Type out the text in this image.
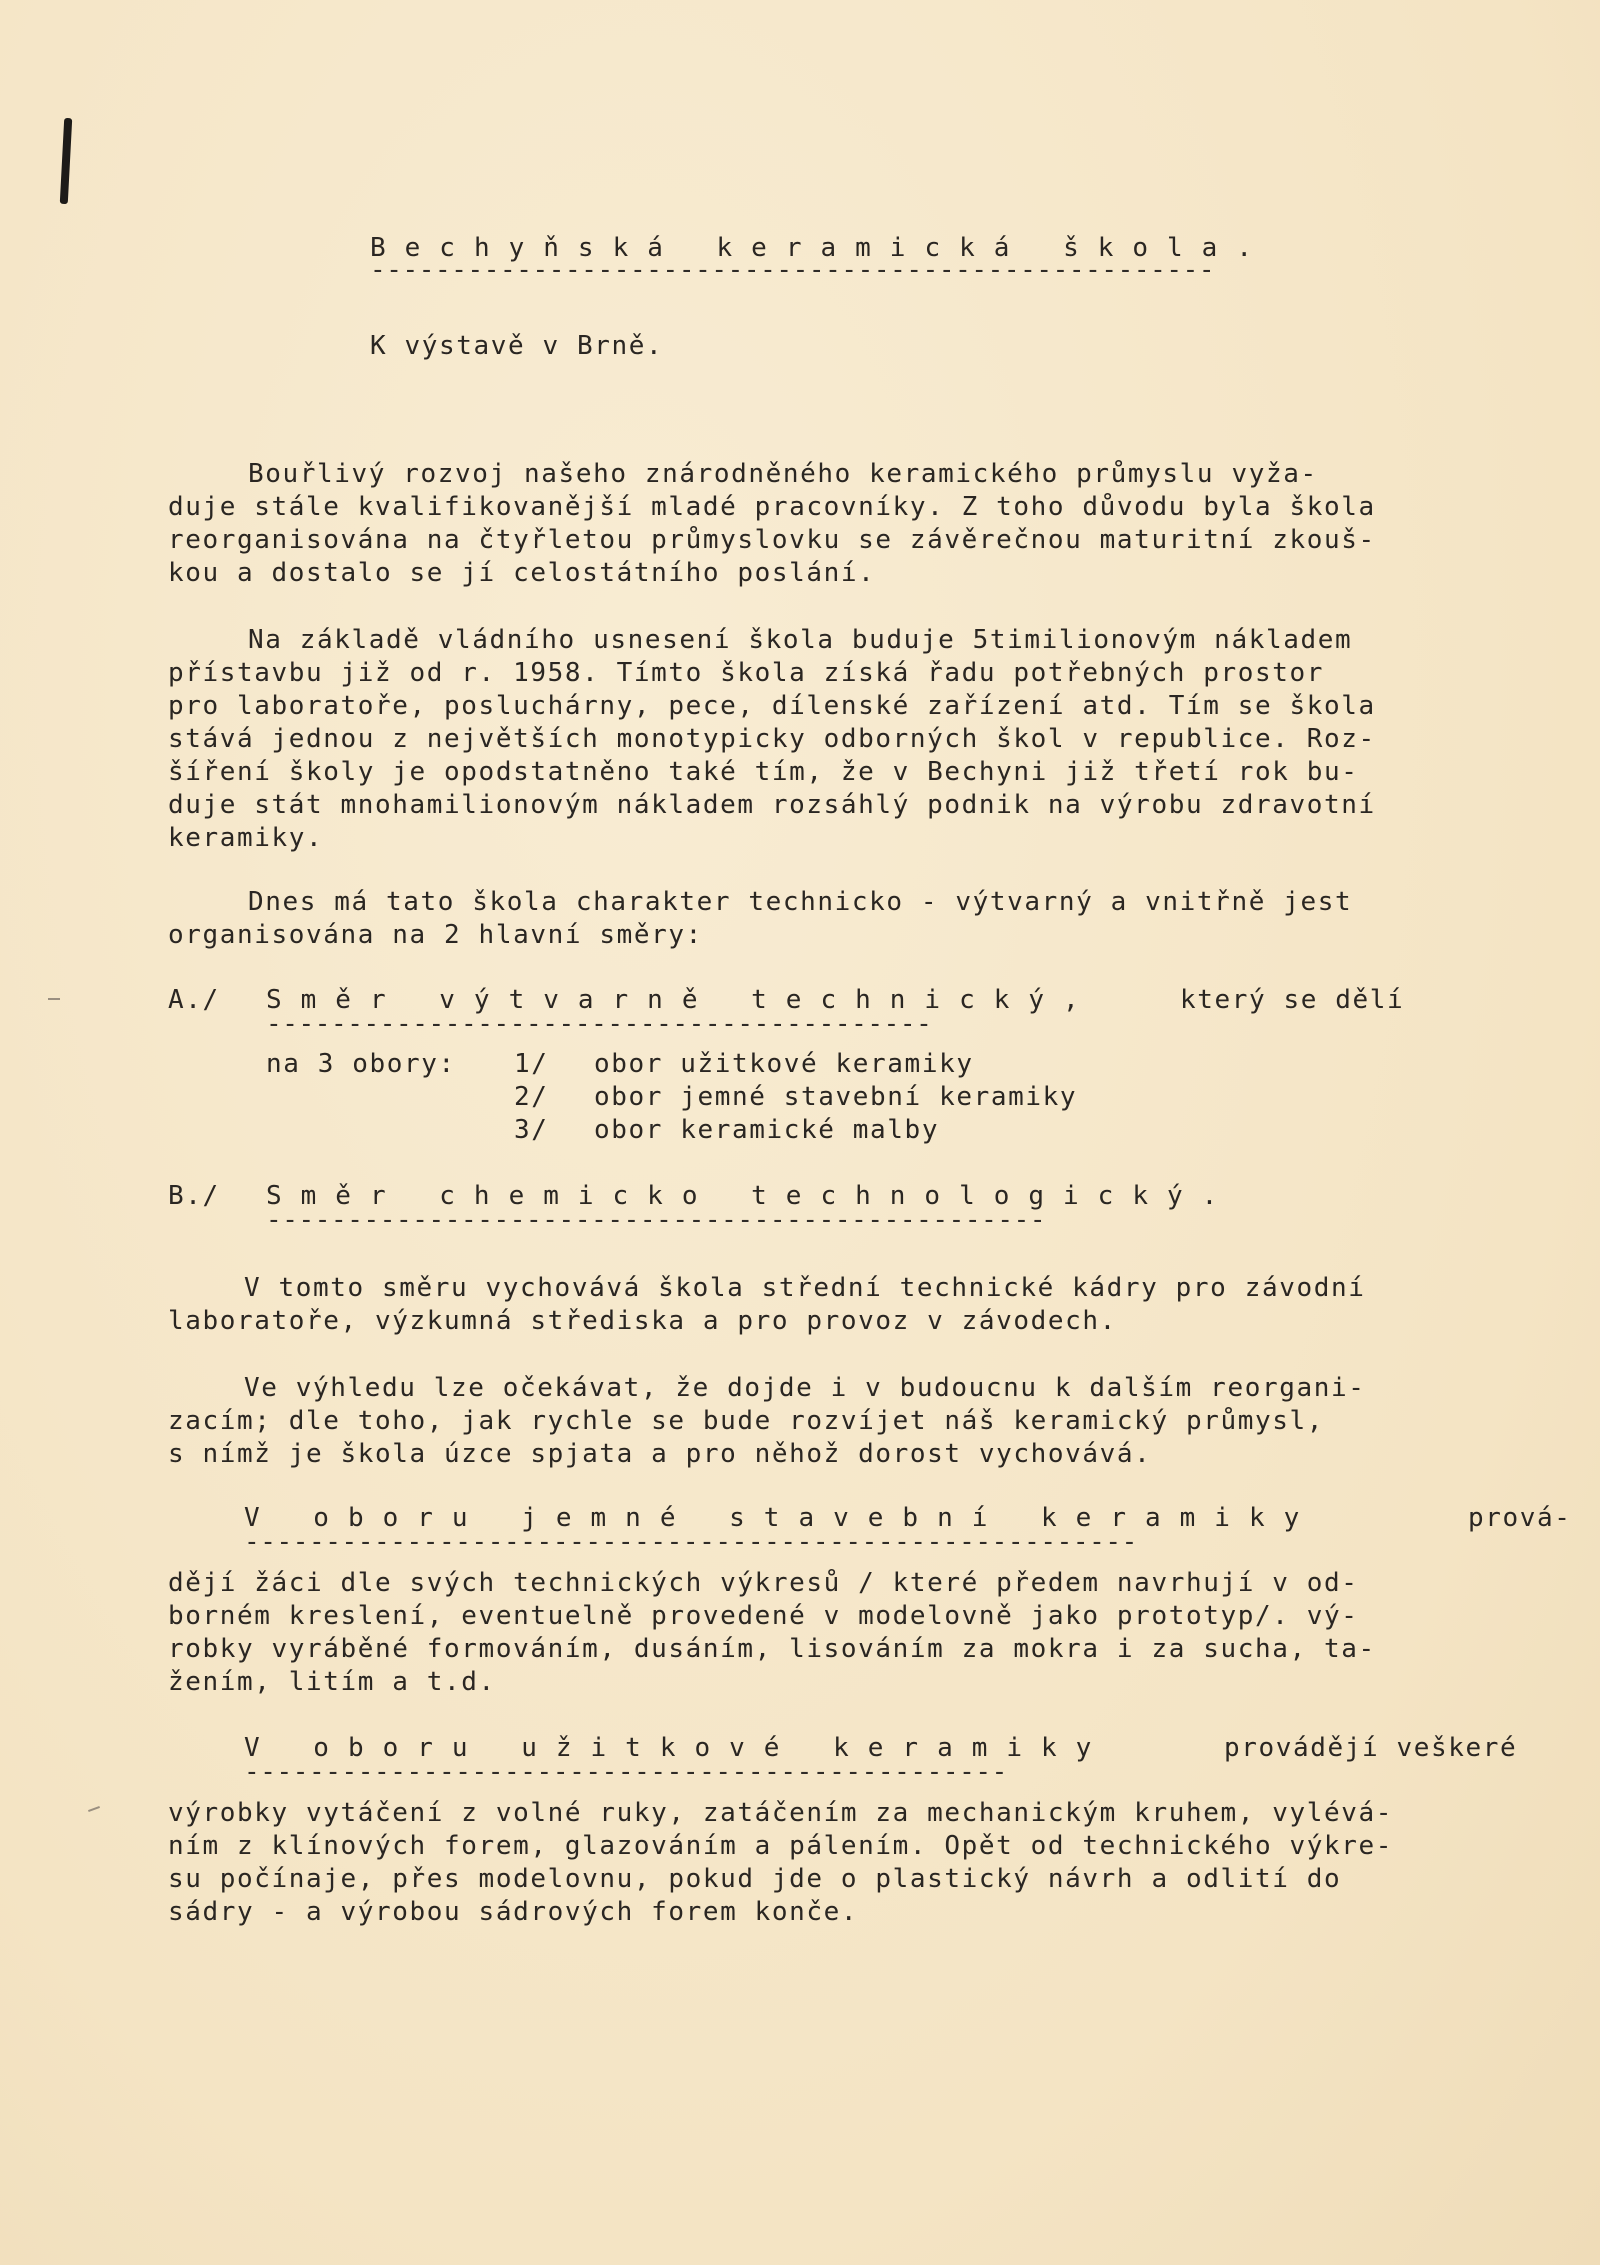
Bechyňská keramická škola.
----------------------------------------------------
K výstavě v Brně.
Bouřlivý rozvoj našeho znárodněného keramického průmyslu vyža-
duje stále kvalifikovanější mladé pracovníky. Z toho důvodu byla škola
reorganisována na čtyřletou průmyslovku se závěrečnou maturitní zkouš-
kou a dostalo se jí celostátního poslání.
Na základě vládního usnesení škola buduje 5timilionovým nákladem
přístavbu již od r. 1958. Tímto škola získá řadu potřebných prostor
pro laboratoře, posluchárny, pece, dílenské zařízení atd. Tím se škola
stává jednou z největších monotypicky odborných škol v republice. Roz-
šíření školy je opodstatněno také tím, že v Bechyni již třetí rok bu-
duje stát mnohamilionovým nákladem rozsáhlý podnik na výrobu zdravotní
keramiky.
Dnes má tato škola charakter technicko - výtvarný a vnitřně jest
organisována na 2 hlavní směry:
A./ Směr výtvarně technický,	který se dělí
-----------------------------------------
na 3 obory: 1/ obor užitkové keramiky
2/ obor jemné stavební keramiky
3/ obor keramické malby
B./ Směr chemicko technologický.
------------------------------------------------
V tomto směru vychovává škola střední technické kádry pro závodní
laboratoře, výzkumná střediska a pro provoz v závodech.
Ve výhledu lze očekávat, že dojde i v budoucnu k dalším reorgani-
zacím; dle toho, jak rychle se bude rozvíjet náš keramický průmysl,
s nímž je škola úzce spjata a pro něhož dorost vychovává.
V oboru jemné stavební keramiky	prová-
-------------------------------------------------------
dějí žáci dle svých technických výkresů / které předem navrhují v od-
borném kreslení, eventuelně provedené v modelovně jako prototyp/. vý-
robky vyráběné formováním, dusáním, lisováním za mokra i za sucha, ta-
žením, litím a t.d.
V oboru užitkové keramiky	provádějí veškeré
-----------------------------------------------
výrobky vytáčení z volné ruky, zatáčením za mechanickým kruhem, vylévá-
ním z klínových forem, glazováním a pálením. Opět od technického výkre-
su počínaje, přes modelovnu, pokud jde o plastický návrh a odlití do
sádry - a výrobou sádrových forem konče.
